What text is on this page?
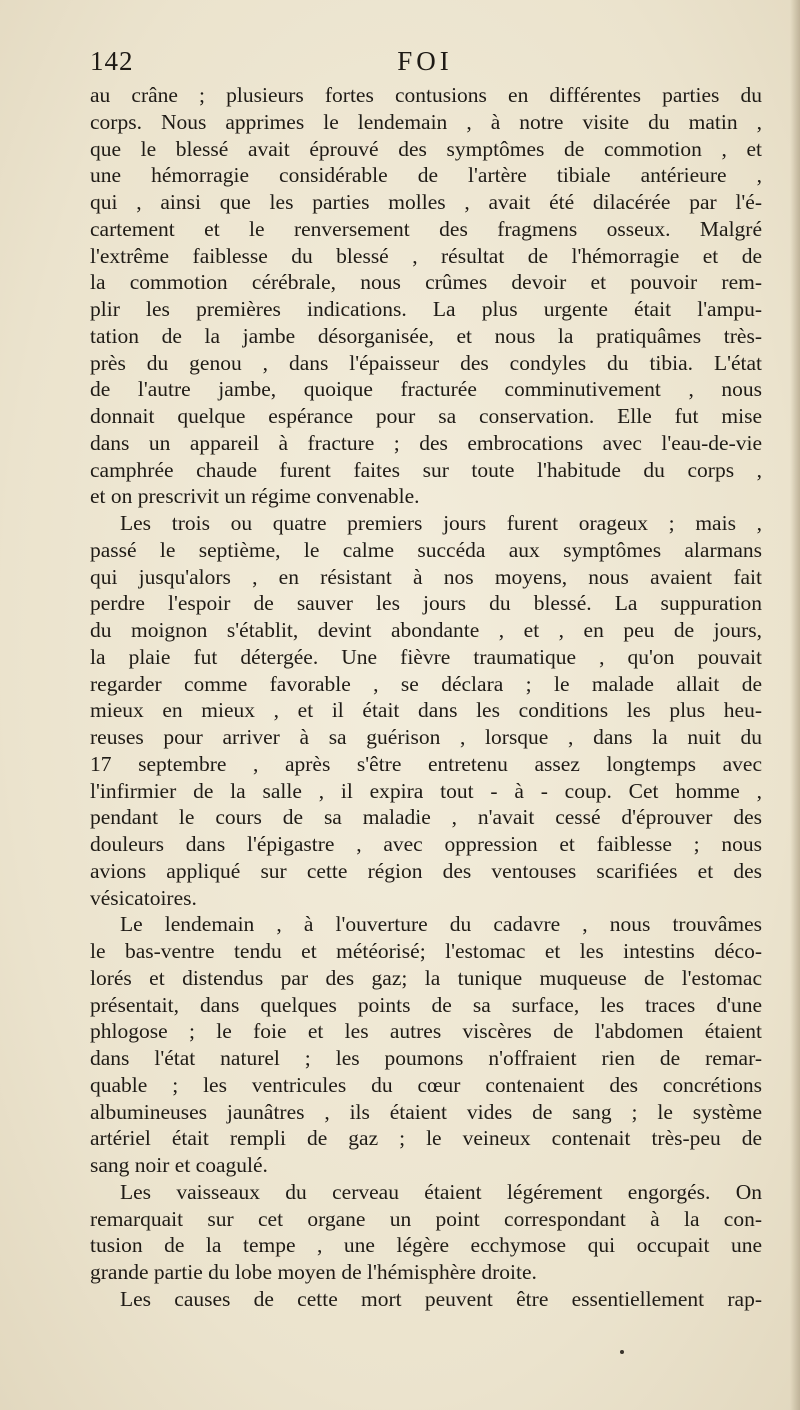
142	FOI
au crâne ; plusieurs fortes contusions en différentes parties du
corps. Nous apprimes le lendemain , à notre visite du matin ,
que le blessé avait éprouvé des symptômes de commotion , et
une hémorragie considérable de l'artère tibiale antérieure ,
qui , ainsi que les parties molles , avait été dilacérée par l'é-
cartement et le renversement des fragmens osseux. Malgré
l'extrême faiblesse du blessé , résultat de l'hémorragie et de
la commotion cérébrale, nous crûmes devoir et pouvoir rem-
plir les premières indications. La plus urgente était l'ampu-
tation de la jambe désorganisée, et nous la pratiquâmes très-
près du genou , dans l'épaisseur des condyles du tibia. L'état
de l'autre jambe, quoique fracturée comminutivement , nous
donnait quelque espérance pour sa conservation. Elle fut mise
dans un appareil à fracture ; des embrocations avec l'eau-de-vie
camphrée chaude furent faites sur toute l'habitude du corps ,
et on prescrivit un régime convenable.
Les trois ou quatre premiers jours furent orageux ; mais ,
passé le septième, le calme succéda aux symptômes alarmans
qui jusqu'alors , en résistant à nos moyens, nous avaient fait
perdre l'espoir de sauver les jours du blessé. La suppuration
du moignon s'établit, devint abondante , et , en peu de jours,
la plaie fut détergée. Une fièvre traumatique , qu'on pouvait
regarder comme favorable , se déclara ; le malade allait de
mieux en mieux , et il était dans les conditions les plus heu-
reuses pour arriver à sa guérison , lorsque , dans la nuit du
17 septembre , après s'être entretenu assez longtemps avec
l'infirmier de la salle , il expira tout - à - coup. Cet homme ,
pendant le cours de sa maladie , n'avait cessé d'éprouver des
douleurs dans l'épigastre , avec oppression et faiblesse ; nous
avions appliqué sur cette région des ventouses scarifiées et des
vésicatoires.
Le lendemain , à l'ouverture du cadavre , nous trouvâmes
le bas-ventre tendu et météorisé; l'estomac et les intestins déco-
lorés et distendus par des gaz; la tunique muqueuse de l'estomac
présentait, dans quelques points de sa surface, les traces d'une
phlogose ; le foie et les autres viscères de l'abdomen étaient
dans l'état naturel ; les poumons n'offraient rien de remar-
quable ; les ventricules du cœur contenaient des concrétions
albumineuses jaunâtres , ils étaient vides de sang ; le système
artériel était rempli de gaz ; le veineux contenait très-peu de
sang noir et coagulé.
Les vaisseaux du cerveau étaient légérement engorgés. On
remarquait sur cet organe un point correspondant à la con-
tusion de la tempe , une légère ecchymose qui occupait une
grande partie du lobe moyen de l'hémisphère droite.
Les causes de cette mort peuvent être essentiellement rap-
